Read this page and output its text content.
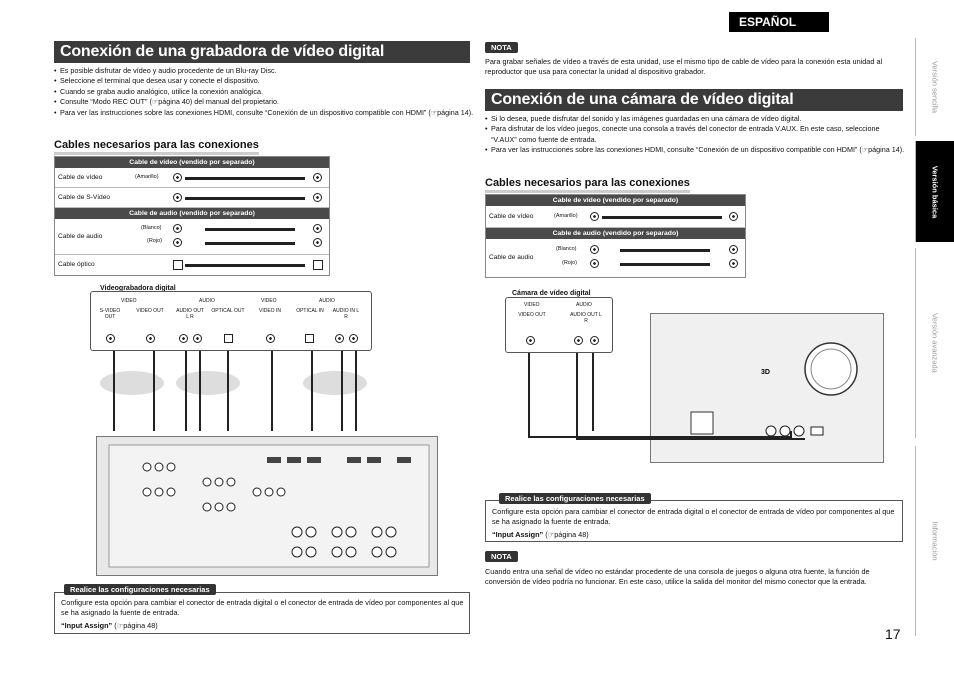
ESPAÑOL
Conexión de una grabadora de vídeo digital
• Es posible disfrutar de vídeo y audio procedente de un Blu-ray Disc.
• Seleccione el terminal que desea usar y conecte el dispositivo.
• Cuando se graba audio analógico, utilice la conexión analógica.
• Consulte “Modo REC OUT” (☞página 40) del manual del propietario.
• Para ver las instrucciones sobre las conexiones HDMI, consulte “Conexión de un dispositivo compatible con HDMI” (☞página 14).
Cables necesarios para las conexiones
Cable de vídeo (vendido por separado)
Cable de vídeo	(Amarillo)
Cable de S-Vídeo
Cable de audio (vendido por separado)
Cable de audio
(Blanco)
(Rojo)
Cable óptico
Videograbadora digital
VIDEO	AUDIO	VIDEO	AUDIO
S-VIDEO OUT
VIDEO OUT AUDIO OUT L R
OPTICAL OUT	VIDEO IN	OPTICAL IN	AUDIO IN L R
Configure esta opción para cambiar el conector de entrada digital o el conector de entrada de vídeo por componentes al que se ha asignado la fuente de entrada.
“Input Assign” (☞página 48)
Realice las configuraciones necesarias
NOTA
Para grabar señales de vídeo a través de esta unidad, use el mismo tipo de cable de vídeo para la conexión esta unidad al reproductor que usa para conectar la unidad al dispositivo grabador.
Conexión de una cámara de vídeo digital
• Si lo desea, puede disfrutar del sonido y las imágenes guardadas en una cámara de vídeo digital.
• Para disfrutar de los vídeo juegos, conecte una consola a través del conector de entrada V.AUX. En este caso, seleccione “V.AUX” como fuente de entrada.
• Para ver las instrucciones sobre las conexiones HDMI, consulte “Conexión de un dispositivo compatible con HDMI” (☞página 14).
Cables necesarios para las conexiones
Cable de vídeo (vendido por separado)
Cable de vídeo	(Amarillo)
Cable de audio (vendido por separado)
Cable de audio
(Blanco)
(Rojo)
Cámara de vídeo digital
VIDEO	AUDIO
VIDEO OUT	AUDIO OUT L R
3D
Configure esta opción para cambiar el conector de entrada digital o el conector de entrada de vídeo por componentes al que se ha asignado la fuente de entrada.
“Input Assign” (☞página 48)
Realice las configuraciones necesarias
NOTA
Cuando entra una señal de vídeo no estándar procedente de una consola de juegos o alguna otra fuente, la función de conversión de vídeo podría no funcionar. En este caso, utilice la salida del monitor del mismo conector que la entrada.
Versión sencilla
Versión básica
Versión avanzada
Información
17
